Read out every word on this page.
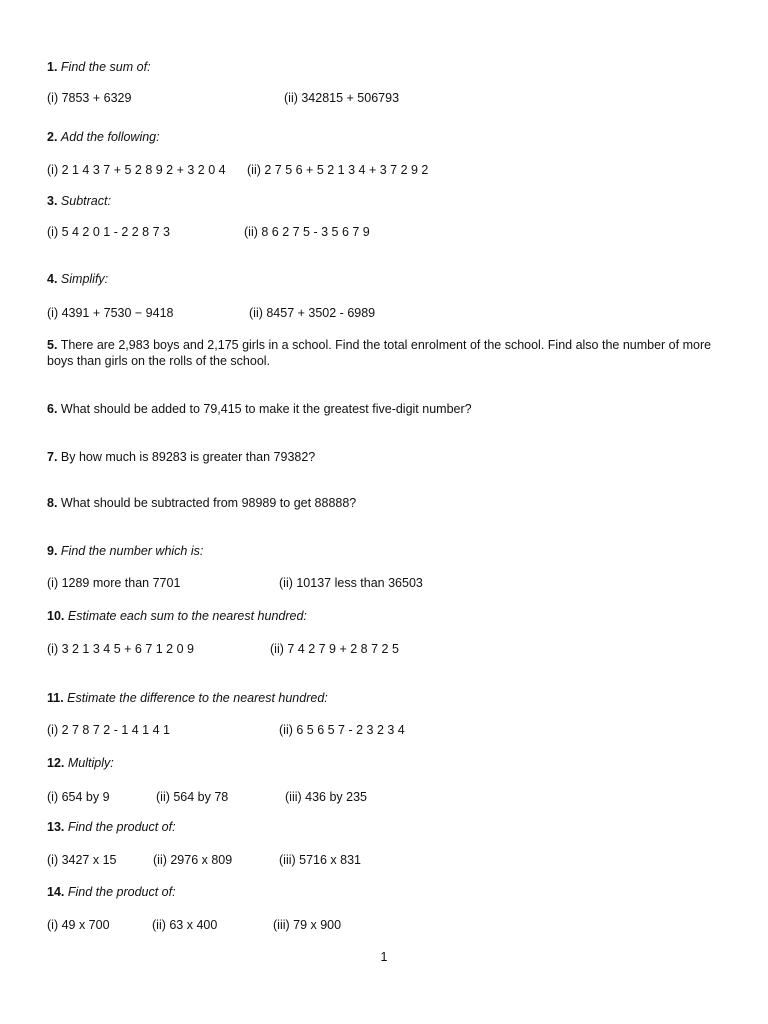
1. Find the sum of:
(i) 7853 + 6329	(ii) 342815 + 506793
2. Add the following:
(i) 2 1 4 3 7 + 5 2 8 9 2 + 3 2 0 4 (ii) 2 7 5 6 + 5 2 1 3 4 + 3 7 2 9 2
3. Subtract:
(i) 5 4 2 0 1 - 2 2 8 7 3	(ii) 8 6 2 7 5 - 3 5 6 7 9
4. Simplify:
(i) 4391 + 7530 − 9418	(ii) 8457 + 3502 - 6989
5. There are 2,983 boys and 2,175 girls in a school. Find the total enrolment of the school. Find also the number of more boys than girls on the rolls of the school.
6. What should be added to 79,415 to make it the greatest five-digit number?
7. By how much is 89283 is greater than 79382?
8. What should be subtracted from 98989 to get 88888?
9. Find the number which is:
(i) 1289 more than 7701	(ii) 10137 less than 36503
10. Estimate each sum to the nearest hundred:
(i) 3 2 1 3 4 5 + 6 7 1 2 0 9	(ii) 7 4 2 7 9 + 2 8 7 2 5
11. Estimate the difference to the nearest hundred:
(i) 2 7 8 7 2 - 1 4 1 4 1	(ii) 6 5 6 5 7 - 2 3 2 3 4
12. Multiply:
(i) 654 by 9	(ii) 564 by 78	(iii) 436 by 235
13. Find the product of:
(i) 3427 x 15	(ii) 2976 x 809	(iii) 5716 x 831
14. Find the product of:
(i) 49 x 700	(ii) 63 x 400	(iii) 79 x 900
1
